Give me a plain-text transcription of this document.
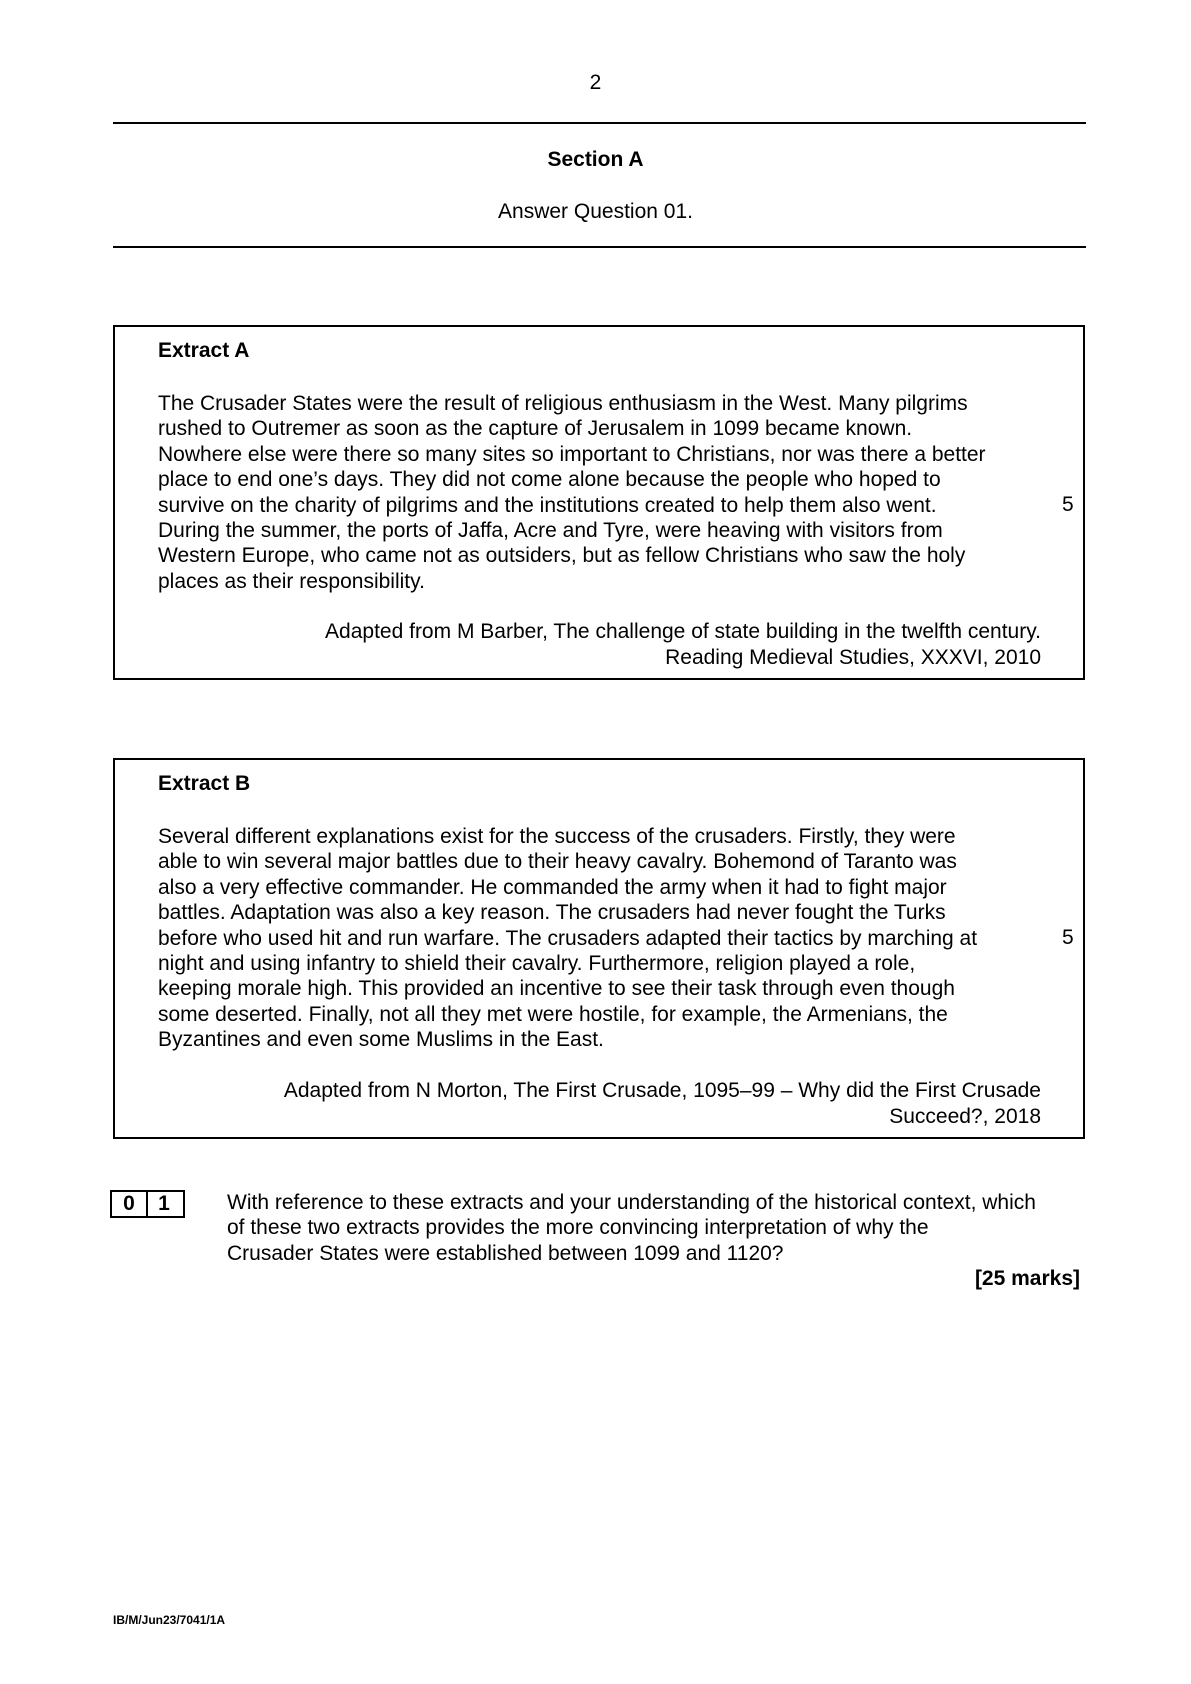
2
Section A
Answer Question 01.
Extract A
The Crusader States were the result of religious enthusiasm in the West. Many pilgrims
rushed to Outremer as soon as the capture of Jerusalem in 1099 became known.
Nowhere else were there so many sites so important to Christians, nor was there a better
place to end one’s days. They did not come alone because the people who hoped to
survive on the charity of pilgrims and the institutions created to help them also went.
During the summer, the ports of Jaffa, Acre and Tyre, were heaving with visitors from
Western Europe, who came not as outsiders, but as fellow Christians who saw the holy
places as their responsibility.
5
Adapted from M Barber, The challenge of state building in the twelfth century.
Reading Medieval Studies, XXXVI, 2010
Extract B
Several different explanations exist for the success of the crusaders. Firstly, they were
able to win several major battles due to their heavy cavalry. Bohemond of Taranto was
also a very effective commander. He commanded the army when it had to fight major
battles. Adaptation was also a key reason. The crusaders had never fought the Turks
before who used hit and run warfare. The crusaders adapted their tactics by marching at
night and using infantry to shield their cavalry. Furthermore, religion played a role,
keeping morale high. This provided an incentive to see their task through even though
some deserted. Finally, not all they met were hostile, for example, the Armenians, the
Byzantines and even some Muslims in the East.
5
Adapted from N Morton, The First Crusade, 1095–99 – Why did the First Crusade
Succeed?, 2018
0	1	With reference to these extracts and your understanding of the historical context, which
of these two extracts provides the more convincing interpretation of why the
Crusader States were established between 1099 and 1120?
[25 marks]
IB/M/Jun23/7041/1A
